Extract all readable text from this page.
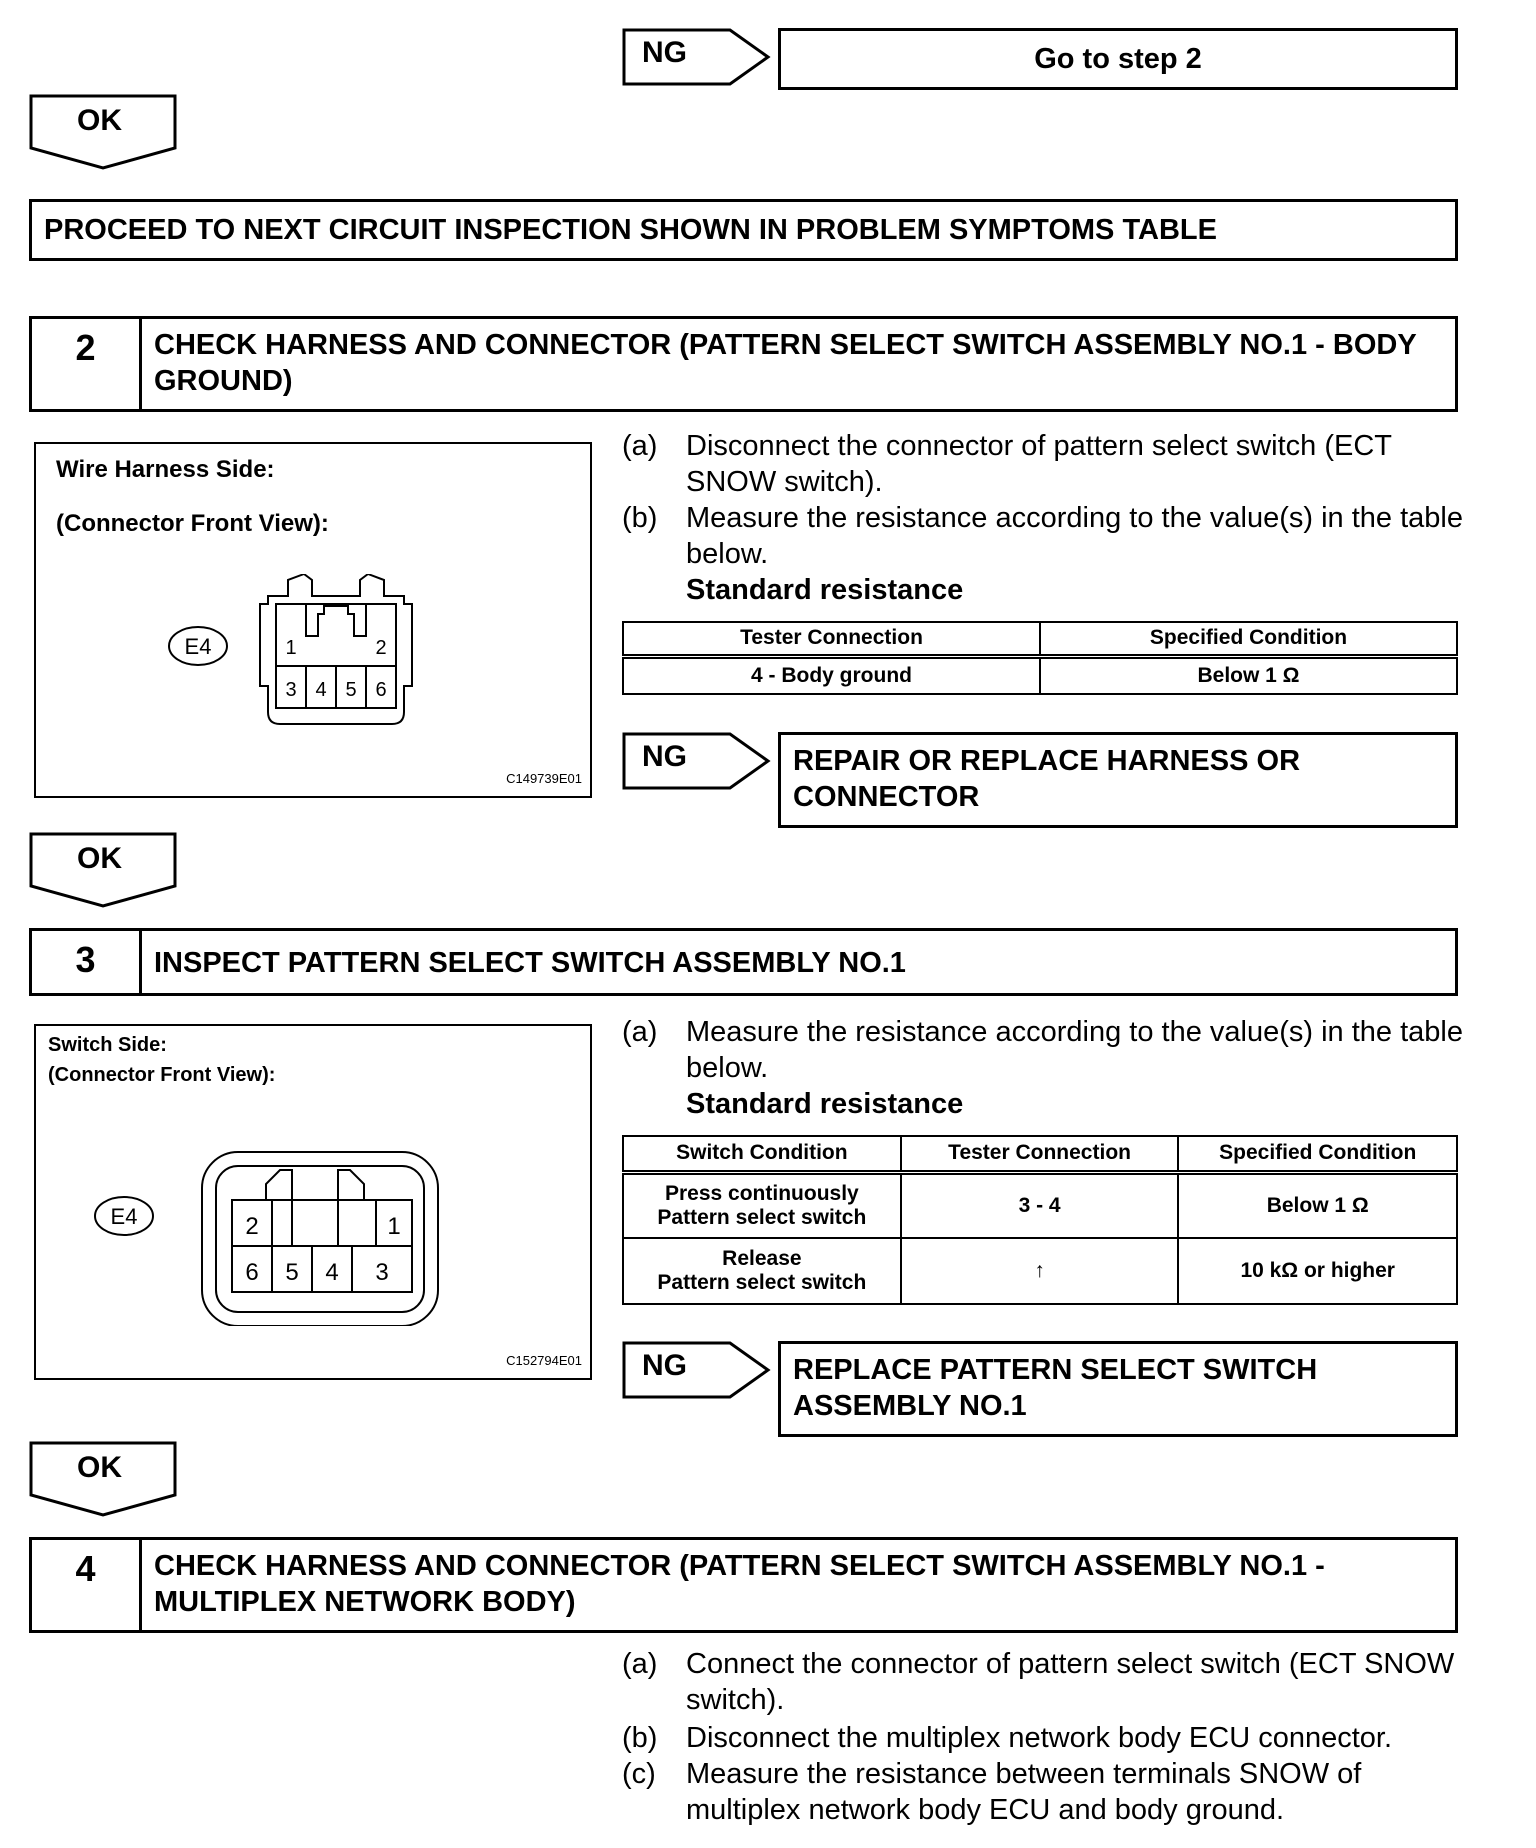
NG	Go to step 2
OK
PROCEED TO NEXT CIRCUIT INSPECTION SHOWN IN PROBLEM SYMPTOMS TABLE
2	CHECK HARNESS AND CONNECTOR (PATTERN SELECT SWITCH ASSEMBLY NO.1 - BODY GROUND)
Wire Harness Side:
(Connector Front View):
E4	1	2
3 4 5 6
C149739E01
(a) Disconnect the connector of pattern select switch (ECT SNOW switch).
(b) Measure the resistance according to the value(s) in the table below.
Standard resistance
Tester Connection	Specified Condition
4 - Body ground	Below 1 Ω
NG	REPAIR OR REPLACE HARNESS OR CONNECTOR
OK
3	INSPECT PATTERN SELECT SWITCH ASSEMBLY NO.1
Switch Side:
(Connector Front View):
E4	2	1
6 5 4 3
C152794E01
(a) Measure the resistance according to the value(s) in the table below.
Standard resistance
Switch Condition	Tester Connection	Specified Condition

Press continuously
Pattern select switch	3 - 4	Below 1 Ω

Release
Pattern select switch	↑	10 kΩ or higher
NG	REPLACE PATTERN SELECT SWITCH ASSEMBLY NO.1
OK
4	CHECK HARNESS AND CONNECTOR (PATTERN SELECT SWITCH ASSEMBLY NO.1 - MULTIPLEX NETWORK BODY)
(a) Connect the connector of pattern select switch (ECT SNOW switch).
(b) Disconnect the multiplex network body ECU connector.
(c) Measure the resistance between terminals SNOW of multiplex network body ECU and body ground.
